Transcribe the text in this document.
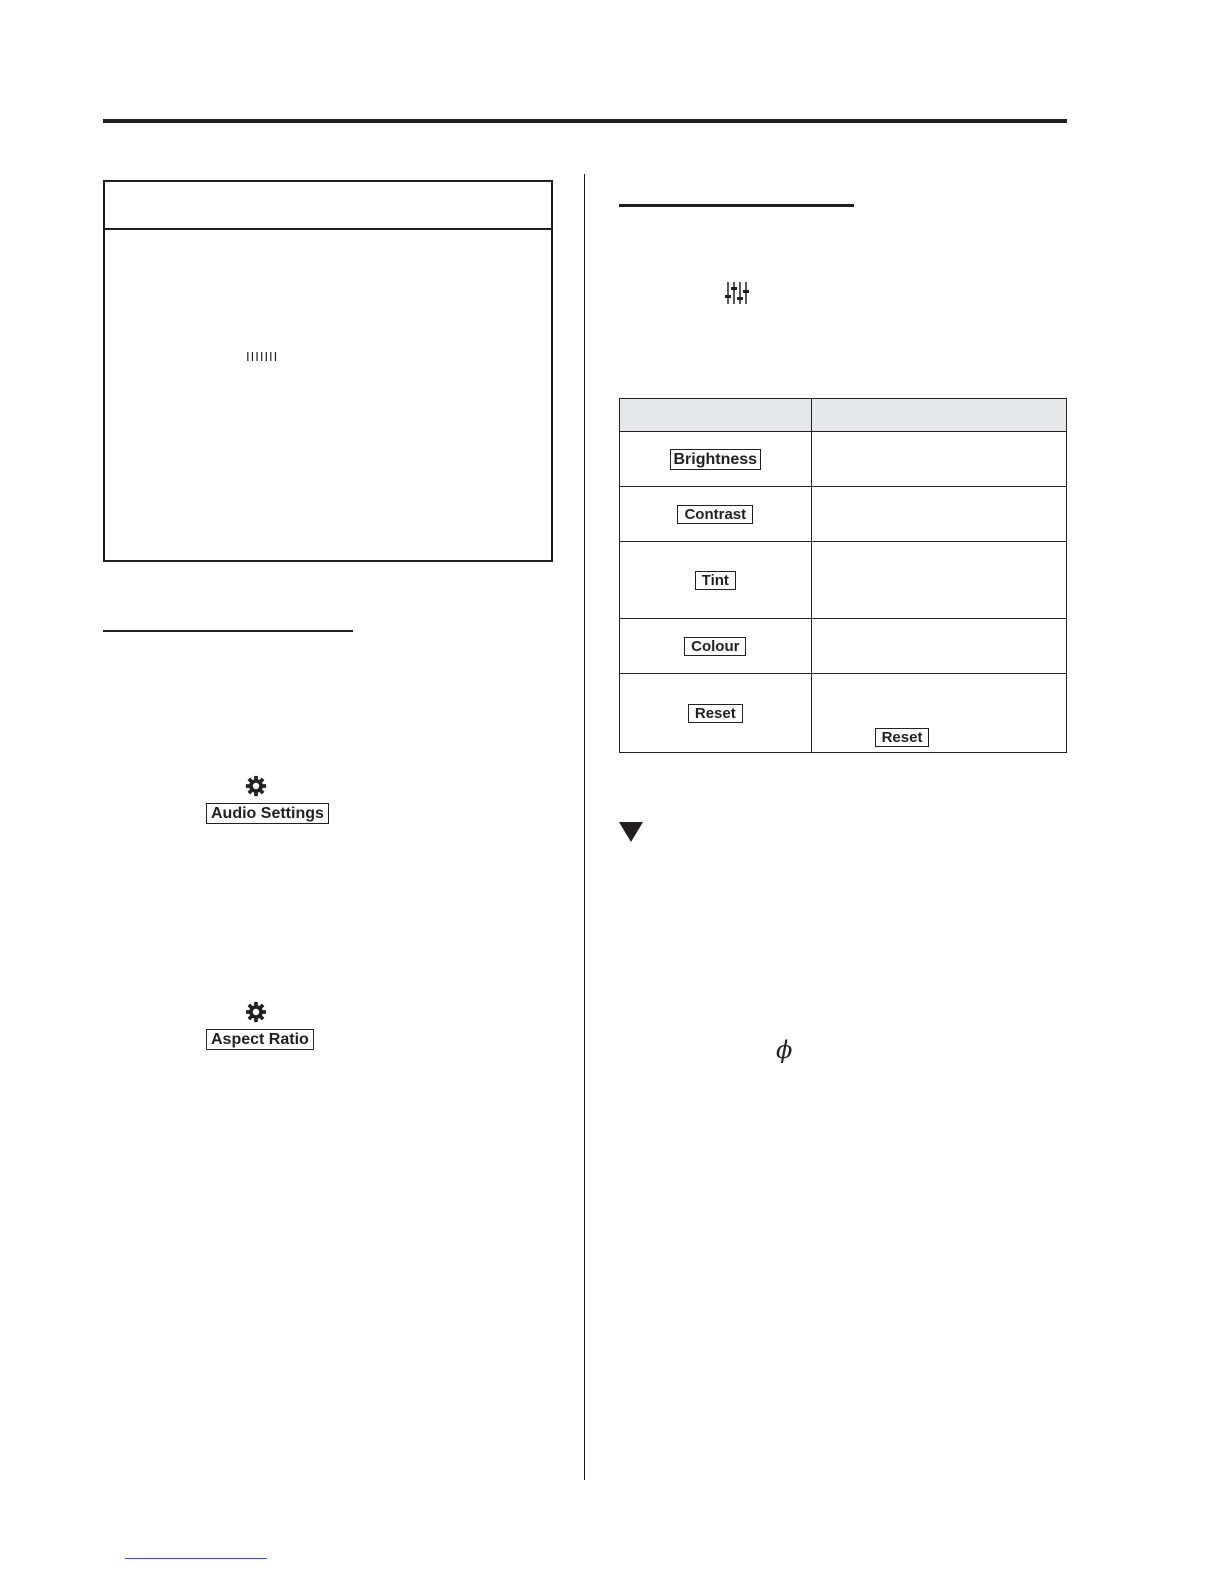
IIIIIII
Audio Settings
Aspect Ratio

Brightness	
Contrast	
Tint	
Colour	
Reset	Reset
ϕ
